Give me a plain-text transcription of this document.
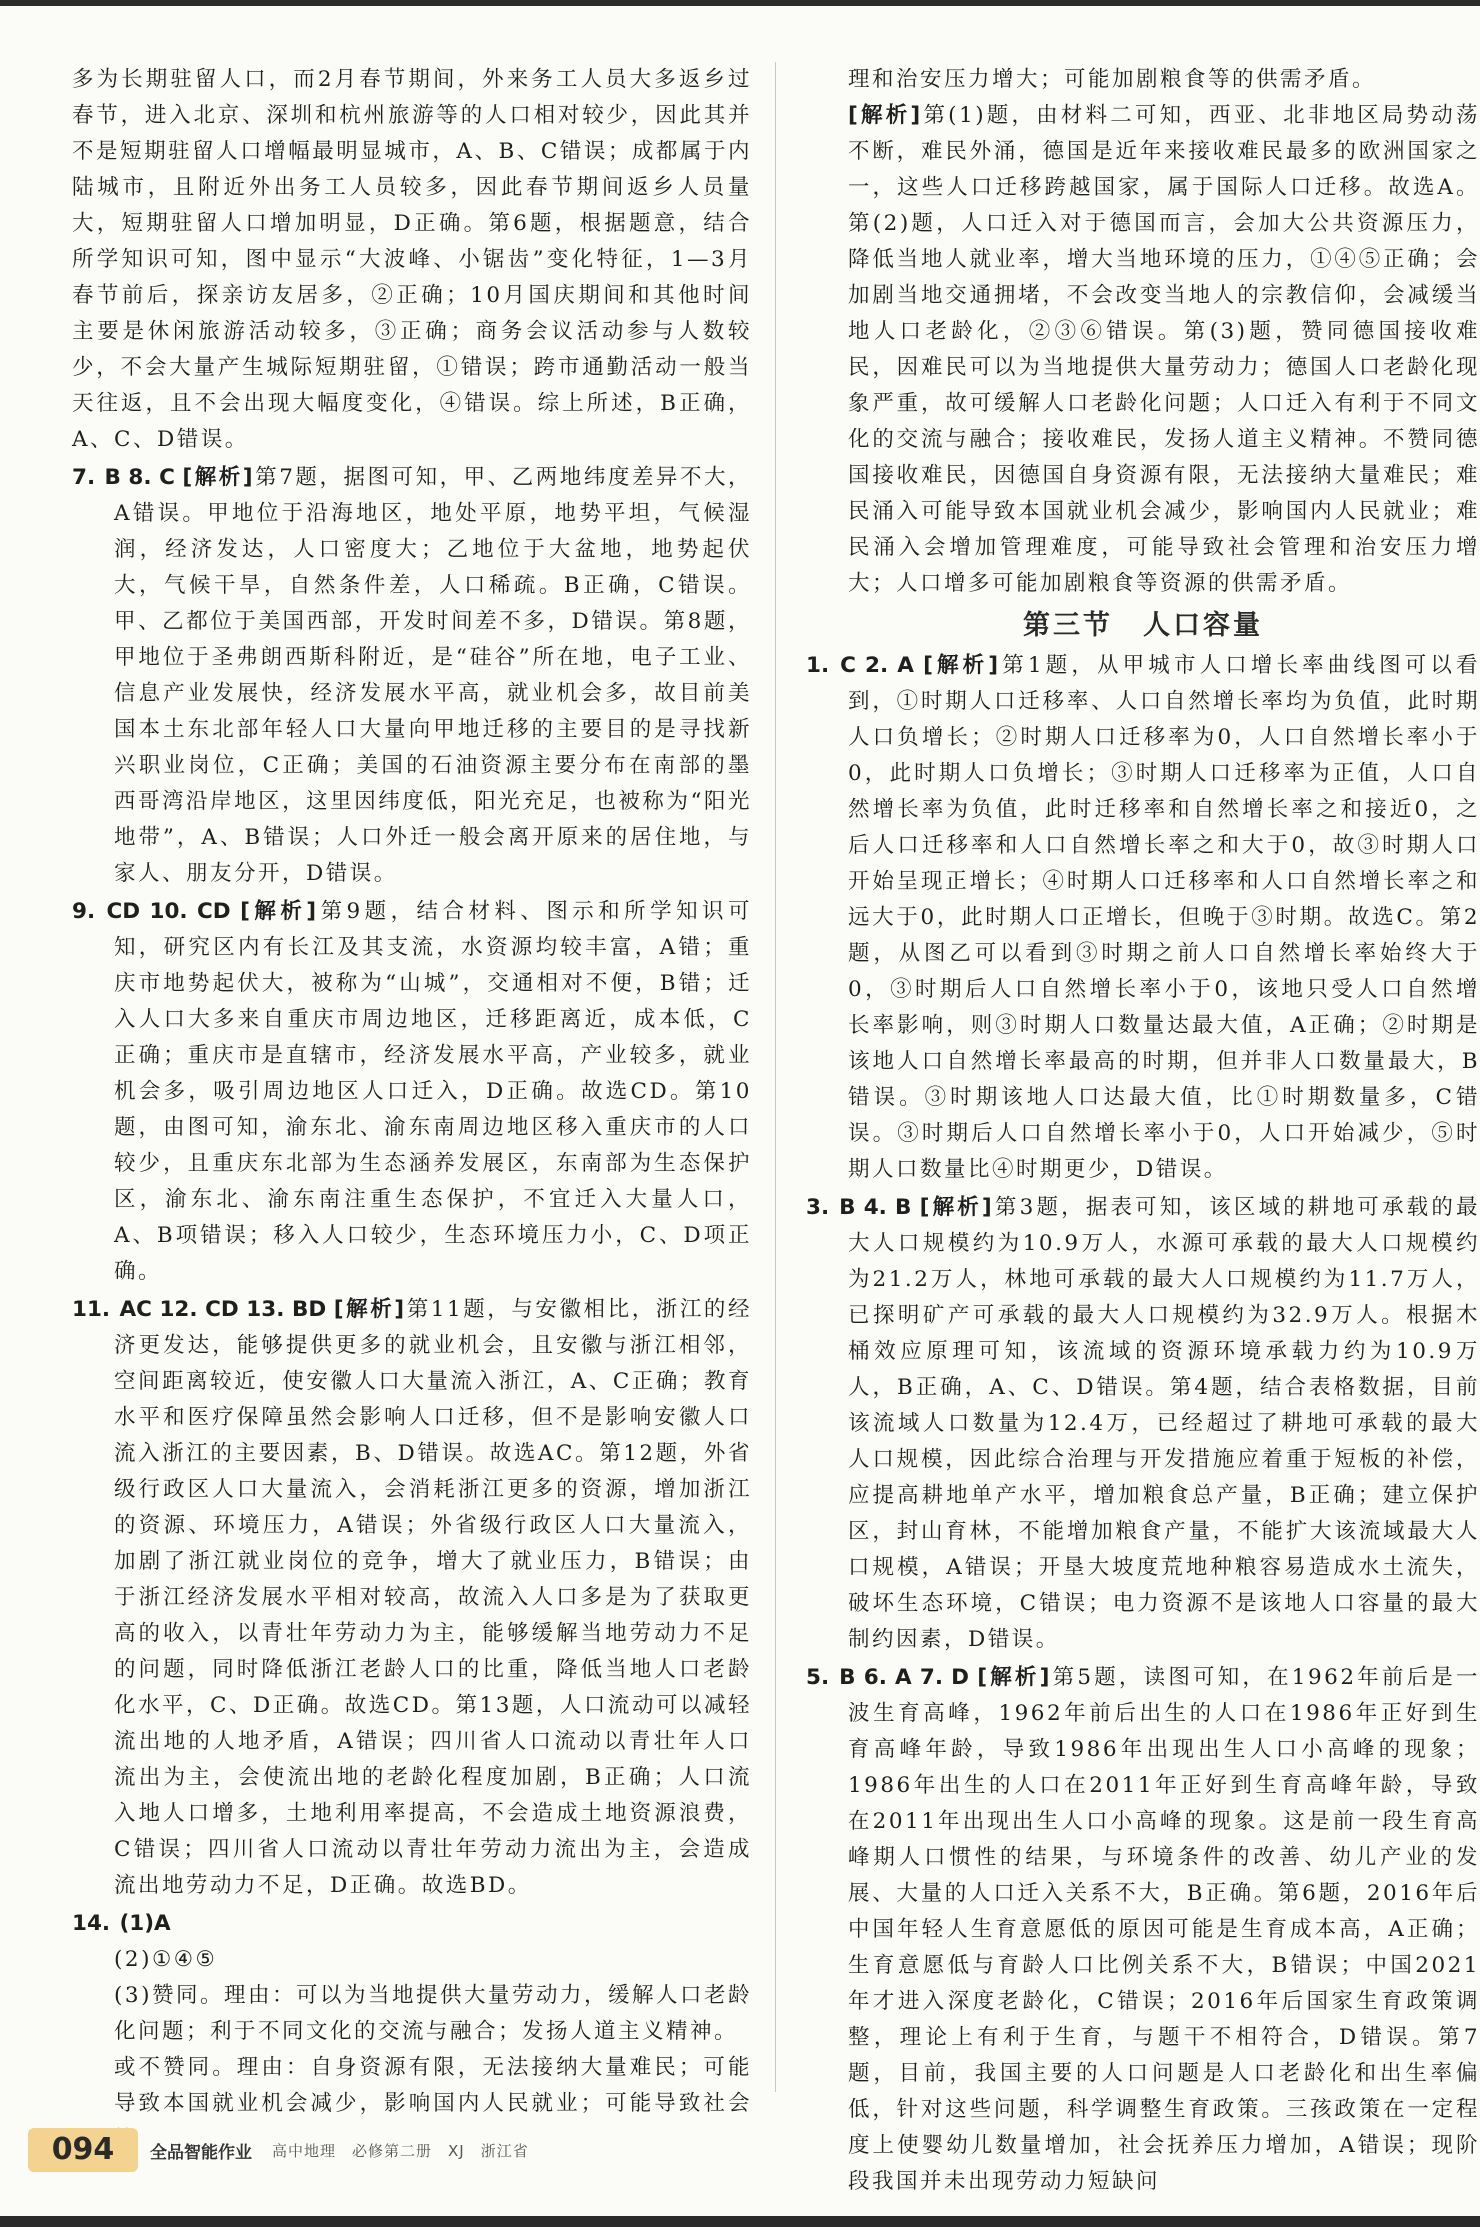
多为长期驻留人口，而2月春节期间，外来务工人员大多返乡过春节，进入北京、深圳和杭州旅游等的人口相对较少，因此其并不是短期驻留人口增幅最明显城市，A、B、C错误；成都属于内陆城市，且附近外出务工人员较多，因此春节期间返乡人员量大，短期驻留人口增加明显，D正确。第6题，根据题意，结合所学知识可知，图中显示“大波峰、小锯齿”变化特征，1—3月春节前后，探亲访友居多，②正确；10月国庆期间和其他时间主要是休闲旅游活动较多，③正确；商务会议活动参与人数较少，不会大量产生城际短期驻留，①错误；跨市通勤活动一般当天往返，且不会出现大幅度变化，④错误。综上所述，B正确，A、C、D错误。

7. B 8. C [解析]第7题，据图可知，甲、乙两地纬度差异不大，A错误。甲地位于沿海地区，地处平原，地势平坦，气候湿润，经济发达，人口密度大；乙地位于大盆地，地势起伏大，气候干旱，自然条件差，人口稀疏。B正确，C错误。甲、乙都位于美国西部，开发时间差不多，D错误。第8题，甲地位于圣弗朗西斯科附近，是“硅谷”所在地，电子工业、信息产业发展快，经济发展水平高，就业机会多，故目前美国本土东北部年轻人口大量向甲地迁移的主要目的是寻找新兴职业岗位，C正确；美国的石油资源主要分布在南部的墨西哥湾沿岸地区，这里因纬度低，阳光充足，也被称为“阳光地带”，A、B错误；人口外迁一般会离开原来的居住地，与家人、朋友分开，D错误。

9. CD 10. CD [解析]第9题，结合材料、图示和所学知识可知，研究区内有长江及其支流，水资源均较丰富，A错；重庆市地势起伏大，被称为“山城”，交通相对不便，B错；迁入人口大多来自重庆市周边地区，迁移距离近，成本低，C正确；重庆市是直辖市，经济发展水平高，产业较多，就业机会多，吸引周边地区人口迁入，D正确。故选CD。第10题，由图可知，渝东北、渝东南周边地区移入重庆市的人口较少，且重庆东北部为生态涵养发展区，东南部为生态保护区，渝东北、渝东南注重生态保护，不宜迁入大量人口，A、B项错误；移入人口较少，生态环境压力小，C、D项正确。

11. AC 12. CD 13. BD [解析]第11题，与安徽相比，浙江的经济更发达，能够提供更多的就业机会，且安徽与浙江相邻，空间距离较近，使安徽人口大量流入浙江，A、C正确；教育水平和医疗保障虽然会影响人口迁移，但不是影响安徽人口流入浙江的主要因素，B、D错误。故选AC。第12题，外省级行政区人口大量流入，会消耗浙江更多的资源，增加浙江的资源、环境压力，A错误；外省级行政区人口大量流入，加剧了浙江就业岗位的竞争，增大了就业压力，B错误；由于浙江经济发展水平相对较高，故流入人口多是为了获取更高的收入，以青壮年劳动力为主，能够缓解当地劳动力不足的问题，同时降低浙江老龄人口的比重，降低当地人口老龄化水平，C、D正确。故选CD。第13题，人口流动可以减轻流出地的人地矛盾，A错误；四川省人口流动以青壮年人口流出为主，会使流出地的老龄化程度加剧，B正确；人口流入地人口增多，土地利用率提高，不会造成土地资源浪费，C错误；四川省人口流动以青壮年劳动力流出为主，会造成流出地劳动力不足，D正确。故选BD。

14. (1)A

(2)①④⑤

(3)赞同。理由：可以为当地提供大量劳动力，缓解人口老龄化问题；利于不同文化的交流与融合；发扬人道主义精神。

或不赞同。理由：自身资源有限，无法接纳大量难民；可能导致本国就业机会减少，影响国内人民就业；可能导致社会

理和治安压力增大；可能加剧粮食等的供需矛盾。

[解析]第(1)题，由材料二可知，西亚、北非地区局势动荡不断，难民外涌，德国是近年来接收难民最多的欧洲国家之一，这些人口迁移跨越国家，属于国际人口迁移。故选A。第(2)题，人口迁入对于德国而言，会加大公共资源压力，降低当地人就业率，增大当地环境的压力，①④⑤正确；会加剧当地交通拥堵，不会改变当地人的宗教信仰，会减缓当地人口老龄化，②③⑥错误。第(3)题，赞同德国接收难民，因难民可以为当地提供大量劳动力；德国人口老龄化现象严重，故可缓解人口老龄化问题；人口迁入有利于不同文化的交流与融合；接收难民，发扬人道主义精神。不赞同德国接收难民，因德国自身资源有限，无法接纳大量难民；难民涌入可能导致本国就业机会减少，影响国内人民就业；难民涌入会增加管理难度，可能导致社会管理和治安压力增大；人口增多可能加剧粮食等资源的供需矛盾。

第三节　人口容量

1. C 2. A [解析]第1题，从甲城市人口增长率曲线图可以看到，①时期人口迁移率、人口自然增长率均为负值，此时期人口负增长；②时期人口迁移率为0，人口自然增长率小于0，此时期人口负增长；③时期人口迁移率为正值，人口自然增长率为负值，此时迁移率和自然增长率之和接近0，之后人口迁移率和人口自然增长率之和大于0，故③时期人口开始呈现正增长；④时期人口迁移率和人口自然增长率之和远大于0，此时期人口正增长，但晚于③时期。故选C。第2题，从图乙可以看到③时期之前人口自然增长率始终大于0，③时期后人口自然增长率小于0，该地只受人口自然增长率影响，则③时期人口数量达最大值，A正确；②时期是该地人口自然增长率最高的时期，但并非人口数量最大，B错误。③时期该地人口达最大值，比①时期数量多，C错误。③时期后人口自然增长率小于0，人口开始减少，⑤时期人口数量比④时期更少，D错误。

3. B 4. B [解析]第3题，据表可知，该区域的耕地可承载的最大人口规模约为10.9万人，水源可承载的最大人口规模约为21.2万人，林地可承载的最大人口规模约为11.7万人，已探明矿产可承载的最大人口规模约为32.9万人。根据木桶效应原理可知，该流域的资源环境承载力约为10.9万人，B正确，A、C、D错误。第4题，结合表格数据，目前该流域人口数量为12.4万，已经超过了耕地可承载的最大人口规模，因此综合治理与开发措施应着重于短板的补偿，应提高耕地单产水平，增加粮食总产量，B正确；建立保护区，封山育林，不能增加粮食产量，不能扩大该流域最大人口规模，A错误；开垦大坡度荒地种粮容易造成水土流失，破坏生态环境，C错误；电力资源不是该地人口容量的最大制约因素，D错误。

5. B 6. A 7. D [解析]第5题，读图可知，在1962年前后是一波生育高峰，1962年前后出生的人口在1986年正好到生育高峰年龄，导致1986年出现出生人口小高峰的现象；1986年出生的人口在2011年正好到生育高峰年龄，导致在2011年出现出生人口小高峰的现象。这是前一段生育高峰期人口惯性的结果，与环境条件的改善、幼儿产业的发展、大量的人口迁入关系不大，B正确。第6题，2016年后中国年轻人生育意愿低的原因可能是生育成本高，A正确；生育意愿低与育龄人口比例关系不大，B错误；中国2021年才进入深度老龄化，C错误；2016年后国家生育政策调整，理论上有利于生育，与题干不相符合，D错误。第7题，目前，我国主要的人口问题是人口老龄化和出生率偏低，针对这些问题，科学调整生育政策。三孩政策在一定程度上使婴幼儿数量增加，社会抚养压力增加，A错误；现阶段我国并未出现劳动力短缺问

094	全品智能作业 高中地理　必修第二册　XJ　浙江省
